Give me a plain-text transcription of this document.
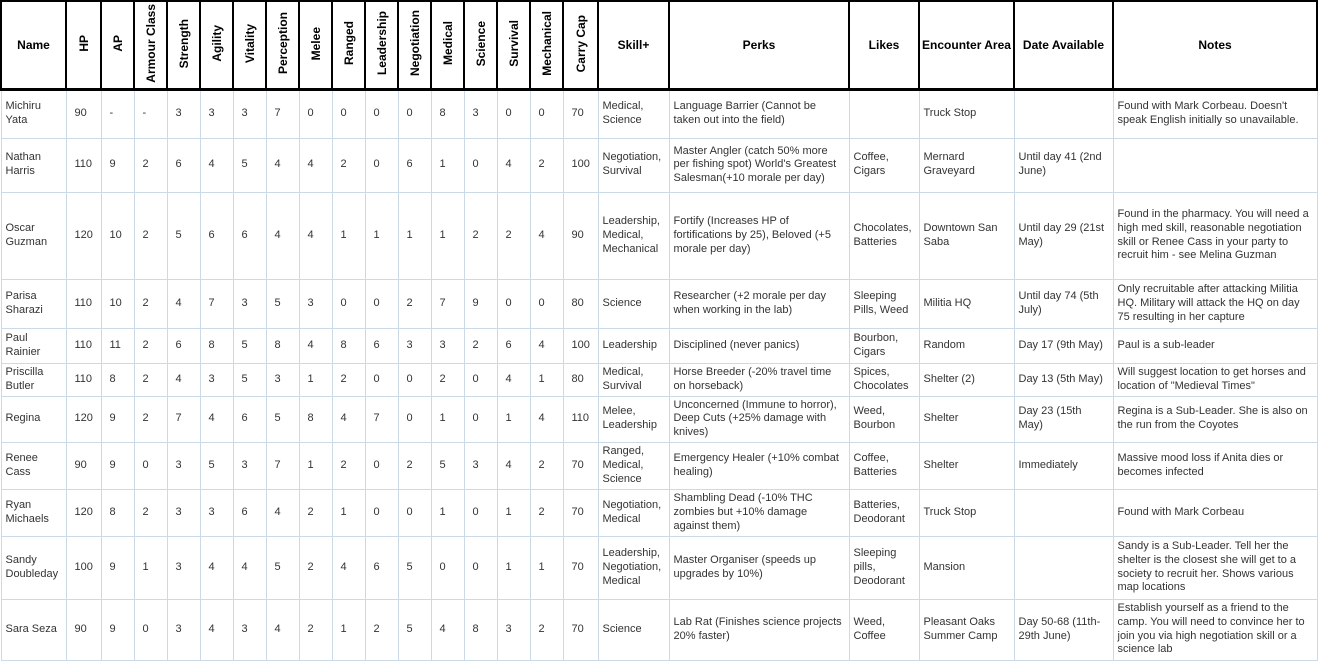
Name	HP	AP	Armour Class	Strength	Agility	Vitality	Perception	Melee	Ranged	Leadership	Negotiation	Medical	Science	Survival	Mechanical	Carry Cap	Skill+	Perks	Likes	Encounter Area	Date Available	Notes
Michiru Yata	90	-	-	3	3	3	7	0	0	0	0	8	3	0	0	70	Medical, Science	Language Barrier (Cannot be taken out into the field)		Truck Stop		Found with Mark Corbeau. Doesn't speak English initially so unavailable.
Nathan Harris	110	9	2	6	4	5	4	4	2	0	6	1	0	4	2	100	Negotiation, Survival	Master Angler (catch 50% more per fishing spot) World's Greatest Salesman(+10 morale per day)	Coffee, Cigars	Mernard Graveyard	Until day 41 (2nd June)	
Oscar Guzman	120	10	2	5	6	6	4	4	1	1	1	1	2	2	4	90	Leadership, Medical, Mechanical	Fortify (Increases HP of fortifications by 25), Beloved (+5 morale per day)	Chocolates, Batteries	Downtown San Saba	Until day 29 (21st May)	Found in the pharmacy. You will need a high med skill, reasonable negotiation skill or Renee Cass in your party to recruit him - see Melina Guzman
Parisa Sharazi	110	10	2	4	7	3	5	3	0	0	2	7	9	0	0	80	Science	Researcher (+2 morale per day when working in the lab)	Sleeping Pills, Weed	Militia HQ	Until day 74 (5th July)	Only recruitable after attacking Militia HQ. Military will attack the HQ on day 75 resulting in her capture
Paul Rainier	110	11	2	6	8	5	8	4	8	6	3	3	2	6	4	100	Leadership	Disciplined (never panics)	Bourbon, Cigars	Random	Day 17 (9th May)	Paul is a sub-leader
Priscilla Butler	110	8	2	4	3	5	3	1	2	0	0	2	0	4	1	80	Medical, Survival	Horse Breeder (-20% travel time on horseback)	Spices, Chocolates	Shelter (2)	Day 13 (5th May)	Will suggest location to get horses and location of "Medieval Times"
Regina	120	9	2	7	4	6	5	8	4	7	0	1	0	1	4	110	Melee, Leadership	Unconcerned (Immune to horror), Deep Cuts (+25% damage with knives)	Weed, Bourbon	Shelter	Day 23 (15th May)	Regina is a Sub-Leader. She is also on the run from the Coyotes
Renee Cass	90	9	0	3	5	3	7	1	2	0	2	5	3	4	2	70	Ranged, Medical, Science	Emergency Healer (+10% combat healing)	Coffee, Batteries	Shelter	Immediately	Massive mood loss if Anita dies or becomes infected
Ryan Michaels	120	8	2	3	3	6	4	2	1	0	0	1	0	1	2	70	Negotiation, Medical	Shambling Dead (-10% THC zombies but +10% damage against them)	Batteries, Deodorant	Truck Stop		Found with Mark Corbeau
Sandy Doubleday	100	9	1	3	4	4	5	2	4	6	5	0	0	1	1	70	Leadership, Negotiation, Medical	Master Organiser (speeds up upgrades by 10%)	Sleeping pills, Deodorant	Mansion		Sandy is a Sub-Leader. Tell her the shelter is the closest she will get to a society to recruit her. Shows various map locations
Sara Seza	90	9	0	3	4	3	4	2	1	2	5	4	8	3	2	70	Science	Lab Rat (Finishes science projects 20% faster)	Weed, Coffee	Pleasant Oaks Summer Camp	Day 50-68 (11th-29th June)	Establish yourself as a friend to the camp. You will need to convince her to join you via high negotiation skill or a science lab
